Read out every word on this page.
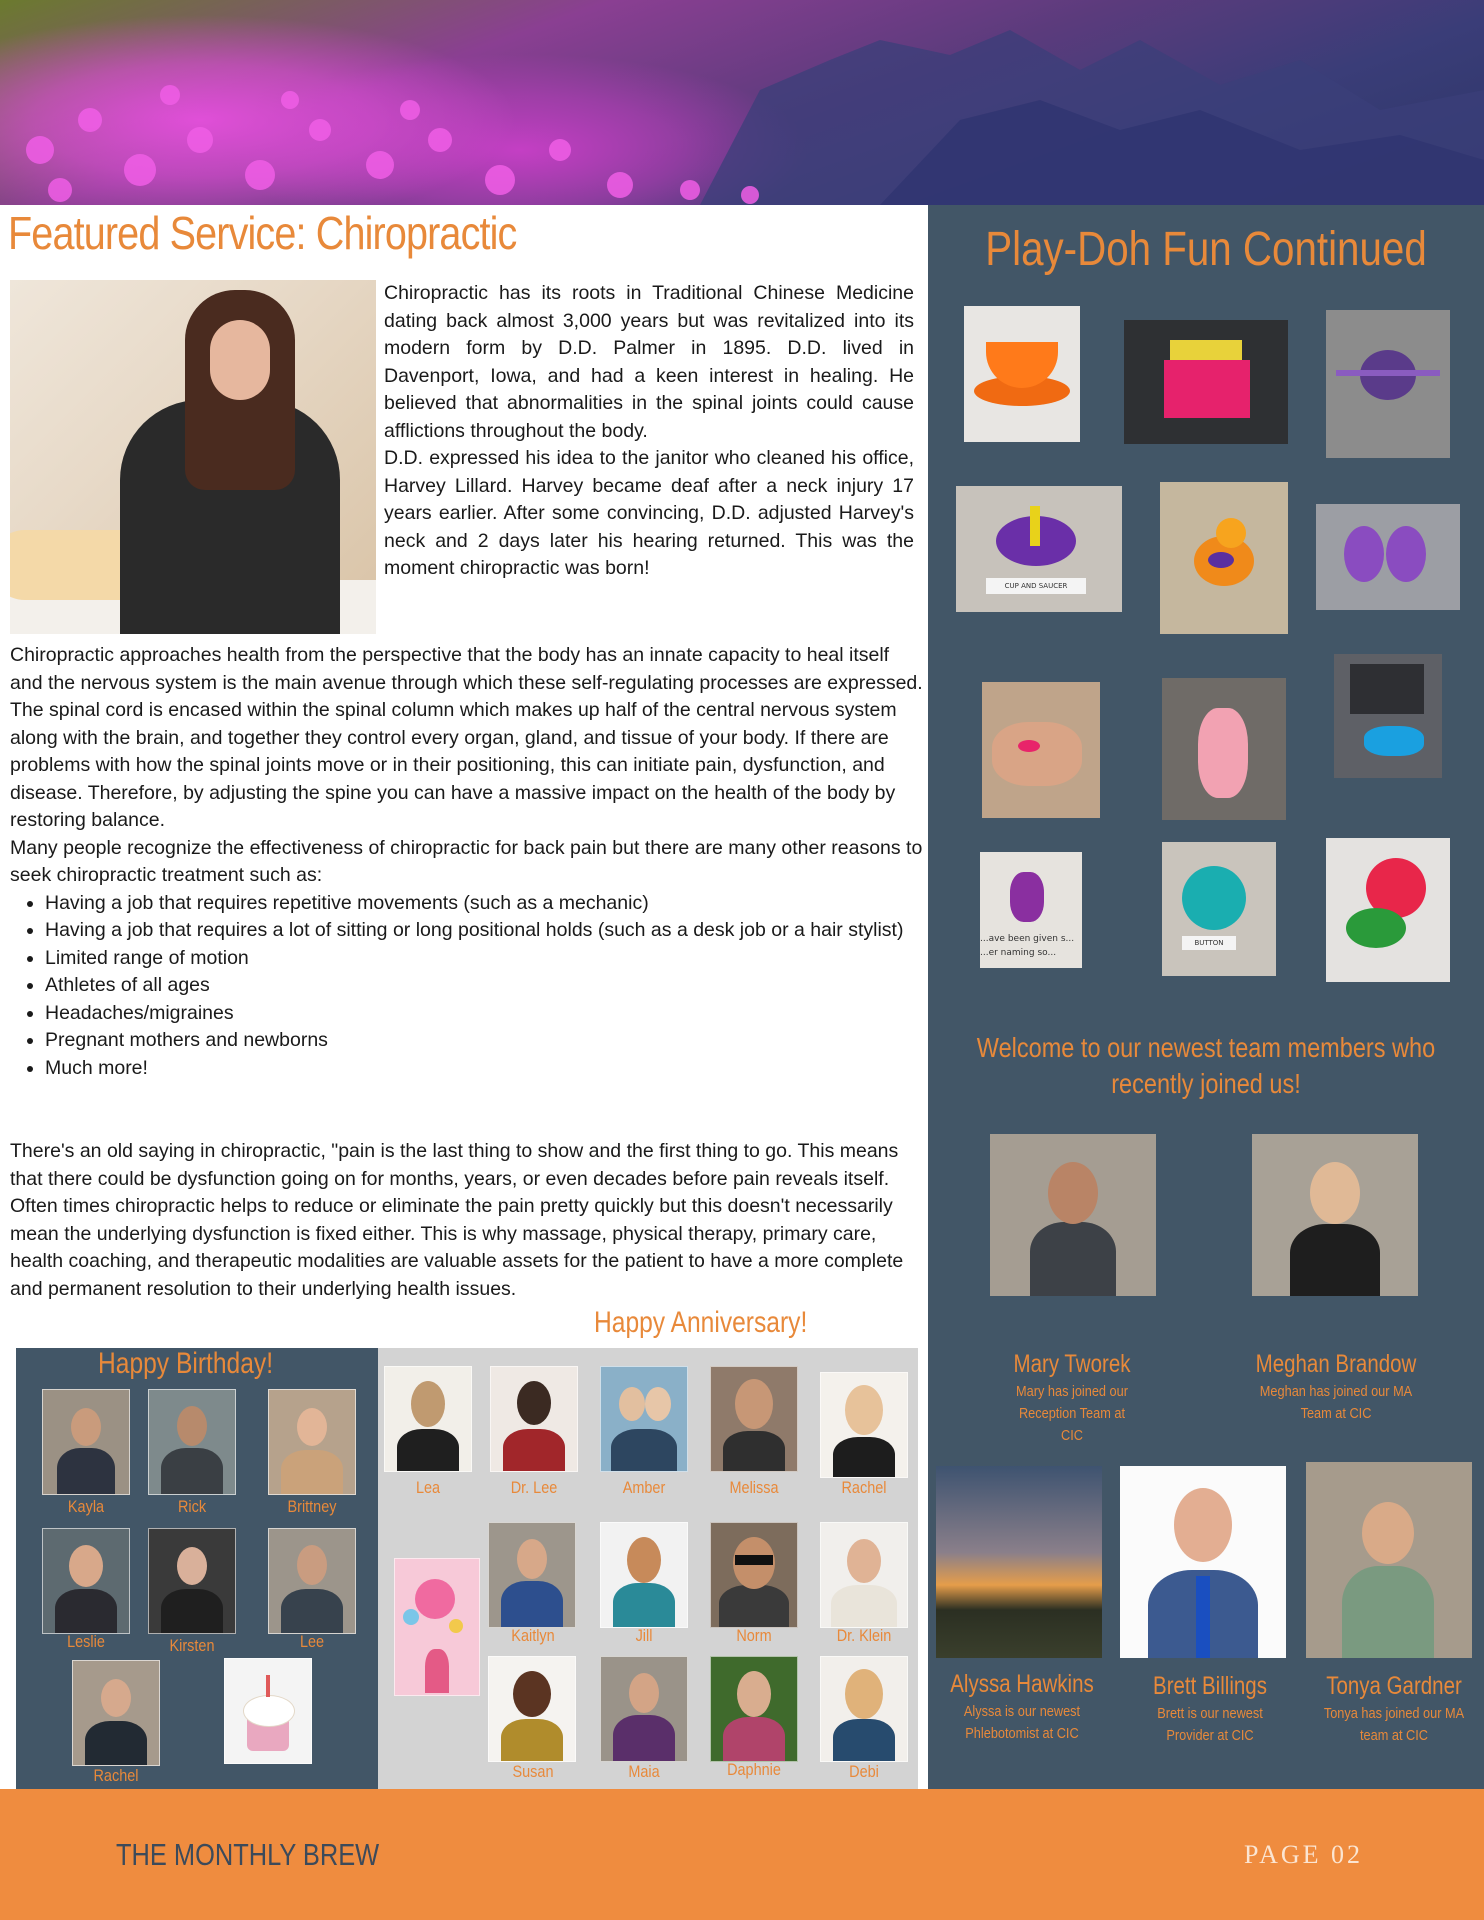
Featured Service: Chiropractic

Chiropractic has its roots in Traditional Chinese Medicine dating back almost 3,000 years but was revitalized into its modern form by D.D. Palmer in 1895. D.D. lived in Davenport, Iowa, and had a keen interest in healing. He believed that abnormalities in the spinal joints could cause afflictions throughout the body.

D.D. expressed his idea to the janitor who cleaned his office, Harvey Lillard. Harvey became deaf after a neck injury 17 years earlier. After some convincing, D.D. adjusted Harvey's neck and 2 days later his hearing returned. This was the moment chiropractic was born!

Chiropractic approaches health from the perspective that the body has an innate capacity to heal itself and the nervous system is the main avenue through which these self-regulating processes are expressed. The spinal cord is encased within the spinal column which makes up half of the central nervous system along with the brain, and together they control every organ, gland, and tissue of your body. If there are problems with how the spinal joints move or in their positioning, this can initiate pain, dysfunction, and disease. Therefore, by adjusting the spine you can have a massive impact on the health of the body by restoring balance.

Many people recognize the effectiveness of chiropractic for back pain but there are many other reasons to seek chiropractic treatment such as:

• Having a job that requires repetitive movements (such as a mechanic)
• Having a job that requires a lot of sitting or long positional holds (such as a desk job or a hair stylist)
• Limited range of motion
• Athletes of all ages
• Headaches/migraines
• Pregnant mothers and newborns
• Much more!

There's an old saying in chiropractic, "pain is the last thing to show and the first thing to go. This means that there could be dysfunction going on for months, years, or even decades before pain reveals itself. Often times chiropractic helps to reduce or eliminate the pain pretty quickly but this doesn't necessarily mean the underlying dysfunction is fixed either. This is why massage, physical therapy, primary care, health coaching, and therapeutic modalities are valuable assets for the patient to have a more complete and permanent resolution to their underlying health issues.

Happy Anniversary!
Happy Birthday!
Kayla	Rick	Brittney
Leslie	Kirsten	Lee
Rachel
Lea	Dr. Lee	Amber	Melissa	Rachel
Kaitlyn	Jill	Norm	Dr. Klein
Susan	Maia	Daphnie	Debi
Play-Doh Fun Continued
CUP AND SAUCER
...ave been given s...
...er naming so...
BUTTON
Welcome to our newest team members who recently joined us!
Mary Tworek
Mary has joined our Reception Team at CIC
Meghan Brandow
Meghan has joined our MA Team at CIC
Alyssa Hawkins
Alyssa is our newest Phlebotomist at CIC
Brett Billings
Brett is our newest Provider at CIC
Tonya Gardner
Tonya has joined our MA team at CIC
THE MONTHLY BREW	PAGE 02
